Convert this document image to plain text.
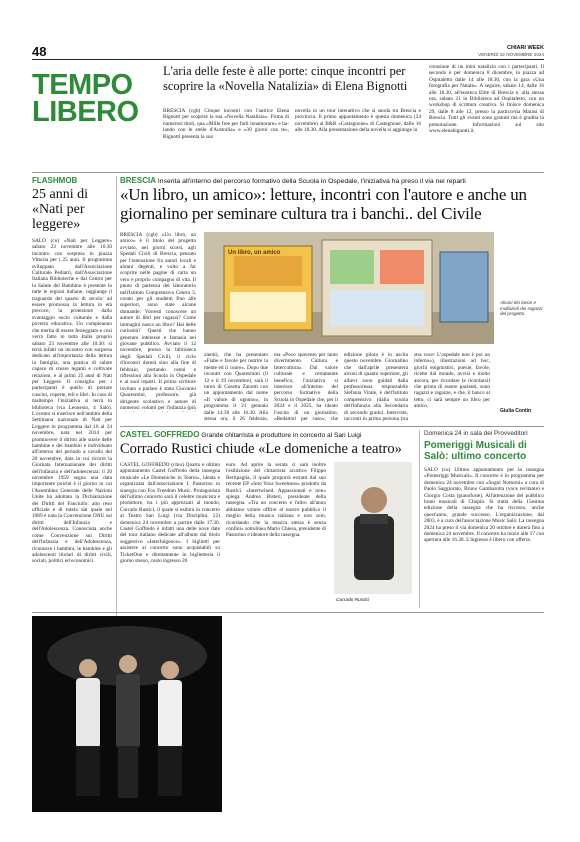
48	CHIARI WEEK
VENERDÌ 22 NOVEMBRE 2024
TEMPO
LIBERO
L'aria delle feste è alle porte: cinque incontri per scoprire la «Novella Natalizia» di Elena Bignotti
BRESCIA (cgb) Cinque incontri con l'autrice Elena Bignotti per scoprire la sua «Novella Natalizia». Firma di numerosi titoli, qua «Mille free per farti innamorare» e ba-lando con le stelle d'Australia» e «30 giorni con te», Bignotti presenta la sua
novella in un tour interattivo che si snoda tra Brescia e provincia. Il primo appuntamento è questa domenica (24 novembre) al B&B «Castagnone» di Castegnone, dalle 16 alle 18.30. Alla presentazione della novella si aggiunge la
creazione di un mini natalizio con i partecipanti. Il secondo è per domenica 8 dicembre, in piazza ad Ospitaletto dalle 14 alle 18.30, con la gara «Una fotografia per Natale». A seguire, sabato 14, dalle 16 alle 18.30, all'enoteca Elite di Brescia e, alla stessa ora, sabato 21 in Biblioteca ad Ospitaletto, con un workshop di scrittura creativa. Si finisce domenica 29, dalle 8 alle 12, presso la pasticceria Marasi di Brescia. Tutti gli eventi sono gratuiti ma è gradita la prenotazione. Informazioni sul sito www.elenabignotti.it.
FLASHMOB
25 anni di «Nati per leggere»
SALÒ (cu) «Nati per Leggere» sabato 23 novembre alle 10.30 incontro con sorpresa in piazza Vittoria per i 25 anni. Il programma sviluppato dall'Associazione Culturale Pediatri, dall'Associazione Italiana Biblioteche e dal Centro per la Salute del Bambino è presente in tutte le regioni italiane, raggiunge il traguardo del quarto di secolo: ad essere promossa la lettura in età precoce, la protezione dallo svantaggio socio culturale e dalla povertà educativa. Un compleanno che merita di essere festeggiato e così verrà fatto in tutta Italia proprio sabato 23 novembre alle 10.30: si terrà infatti un incontro con sorpresa dedicato all'importanza della lettura in famiglia, una pratica di salute capace di creare legami e coltivare relazioni, e ai primi 25 anni di Nati per Leggere. Il consiglio per i partecipanti è quello di portare cuscini, coperte, teli e libri. In caso di maltempo l'iniziativa si terrà in biblioteca (via Leonesio, 4 Salò). L'evento si inserisce nell'ambito della Settimana nazionale di Nati per Leggere in programma dal 16 al 24 novembre, nata nel 2014 per promuovere il diritto alle storie delle bambine e dei bambini e individuato all'interno del periodo a cavallo del 20 novembre, data in cui ricorre la Giornata Internazionale dei diritti dell'infanzia e dell'adolescenza: il 20 novembre 1959 segna una data importante poiché è il giorno in cui l'Assemblea Generale delle Nazioni Unite ha adottato la Dichiarazione dei Diritti del Fanciullo: atto reso ufficiale e di tutela dal quale nel 1989 è nata la Convenzione ONU sui diritti dell'Infanzia e dell'Adolescenza. Conosciuta anche come Convenzione sui Diritti dell'Infanzia e dell'Adolescenza, riconosce i bambini, le bambine e gli adolescenti titolari di diritti civili, sociali, politici ed economici.
BRESCIA Inserita all'interno del percorso formativo della Scuola in Ospedale, l'iniziativa ha preso il via nei reparti
«Un libro, un amico»: letture, incontri con l'autore e anche un giornalino per seminare cultura tra i banchi.. del Civile
BRESCIA (cgb) «Un libro, un amico» è il titolo del progetto avviato, nei giorni scorsi, agli Spedali Civili di Brescia, pensato per l'interazione fra autori locali e alunni degenti, e volto a far scoprire nelle pagine di carta un vero e proprio compagno di vita. Il punto di partenza del laboratorio nell'Istituto Comprensivo Centro 3, creato per gli studenti fino alle superiori, sono state alcune domande: Vorresti conoscere un autore di libri per ragazzi? Come immagini nasca un libro? Hai delle curiosità? Questi che hanno generato interesse e fantasia nei giovane pubblico. Avviato il 12 novembre, presso la biblioteca degli Spedali Civili, il ciclo d'incontri durerà sino alla fine di febbraio, portando cenni e riflessioni alla Scuola in Ospedale e ai suoi reparti. Il primo scrittore invitato a parlare è stato Giovanni Quaresmini, professore, già dirigente scolastico e autore di numerosi volumi per l'infanzia (più
Un libro, un amico
Alcuni dei lavori e mollazioli dei ragazzi del progetto
zienti), che ha presentato «Fiabe e favole per nutrire la mente ed il cuore». Dopo due incontri con Quaresmini (il 12 e il 19 novembre), sarà il turno di Cosetta Zanotti con un appuntamento dal nome «Il valore di ognuno», in programma il 21 gennaio dalle 14.30 alle 16.30. Alla stessa ora, il 26 febbraio,
ma «Poco spavento per tanto divertimento. Cultura e Intercultura». Dal valore culturale e certamente benefico, l'iniziativa si inserisce all'interno del percorso formativo della Scuola in Ospedale che, per il 2024 e il 2025, ha ideato l'uscita di un giornalino, «Redattori per caso», che
edizione pilota è in uscita questo novembre. Giornalino che dall'aprile presenterà alcuni di quanto superiore, gli allievi sono guidati dalla professoressa responsabile Stefania Vitale, è dell'Istituto comprensivo (dalla scuola dell'infanzia alla Secondaria di secondo grado). Interviste, racconti in prima persona (tra
stra voce: L'ospedale non è poi un inferno»), illustrazioni ad hoc, giochi enigmistici, poesie, favole, ricette dal mondo, avvisi e molto ancora, per ricordare (e ricordarsi) che prima di essere pazienti, sono ragazzi e ragazze, e che, il banco al letto, ci sarà sempre un libro per amico.
Giulia Contin
CASTEL GOFFREDO Grande chitarrista e produttore in concerto al San Luigi
Corrado Rustici chiude «Le domeniche a teatro»
CASTEL GOFFREDO (cmu) Quarto e ultimo appuntamento Castel Goffredo della rassegna musicale «Le Domeniche in Teatro», ideata e organizzata dall'associazione I. Pastorino in sinergia con Fox Freedom Music. Protagonista dell'ultimo concerto sarà il celebre musicista e produttore, tra i più apprezzati al mondo, Corrado Rustici, il quale si esibirà in concerto al Teatro San Luigi (via Disciplini, 22) domenica 24 novembre a partire dalle 17.30. Castel Goffredo è infatti una delle nove date del tour italiano dedicate all'album dal titolo suggestivo «Interfulgence». I biglietti per assistere al concerto sono acquistabili su TicketOne e direttamente in biglietteria il giorno stesso, costo ingresso 20
euro. Ad aprire la serata ci sarà inoltre l'esibizione del chitarrista acustico Filippo Bertipaglia, il quale proporrà estratti dal suo recente EP «Into Your Sweetness» prodotto da Rustici. «Intertwined. Appassionati e non» spiega Andrea Bisteri, presidente della rassegna. «Tra un concerto e l'altro all'anno abbiamo voluto offrire al nostro pubblico il meglio della musica italiana e non solo, ricordando che la musica stessa è senza confini» sottolinea Mario Chiesa, presidente di Pastorino e ideatore della rassegna.
Corrado Rustici
Domenica 24 in sala dei Provveditori
Pomeriggi Musicali di Salò: ultimo concerto
SALÒ (cu) Ultimo appuntamento per la rassegna «Pomeriggi Musicali». Il concerto è in programma per domenica 24 novembre con «Sogni Notturni» a cura di Paolo Saggiorato, Bruno Gambarotta (voce recitante) e Giorgio Costa (pianoforte). All'attenzione del pubblico brani musicali di Chopin. Si tratta della 15esima edizione della rassegna che ha riscosso, anche quest'anno, grande successo. L'organizzazione, dal 2003, è a cura dell'associazione Music Salò. La rassegna 2024 ha preso il via domenica 20 ottobre e durerà fino a domenica 24 novembre. Il concerto ha inizio alle 17 con apertura alle 16.30. L'ingresso è libero con offerta.
